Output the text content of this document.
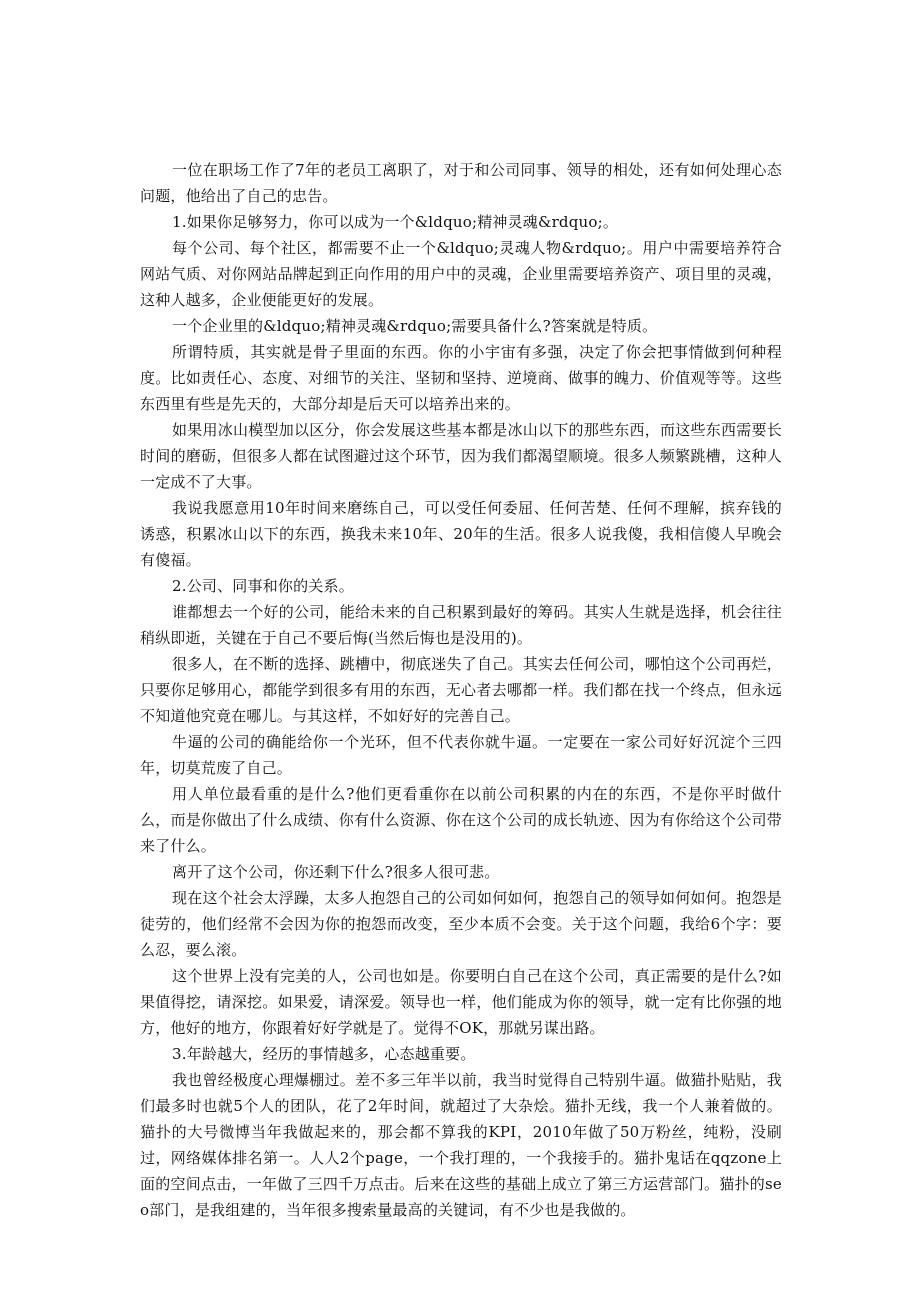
一位在职场工作了7年的老员工离职了，对于和公司同事、领导的相处，还有如何处理心态问题，他给出了自己的忠告。

1.如果你足够努力，你可以成为一个&ldquo;精神灵魂&rdquo;。

每个公司、每个社区，都需要不止一个&ldquo;灵魂人物&rdquo;。用户中需要培养符合网站气质、对你网站品牌起到正向作用的用户中的灵魂，企业里需要培养资产、项目里的灵魂，这种人越多，企业便能更好的发展。

一个企业里的&ldquo;精神灵魂&rdquo;需要具备什么?答案就是特质。

所谓特质，其实就是骨子里面的东西。你的小宇宙有多强，决定了你会把事情做到何种程度。比如责任心、态度、对细节的关注、坚韧和坚持、逆境商、做事的魄力、价值观等等。这些东西里有些是先天的，大部分却是后天可以培养出来的。

如果用冰山模型加以区分，你会发展这些基本都是冰山以下的那些东西，而这些东西需要长时间的磨砺，但很多人都在试图避过这个环节，因为我们都渴望顺境。很多人频繁跳槽，这种人一定成不了大事。

我说我愿意用10年时间来磨练自己，可以受任何委屈、任何苦楚、任何不理解，摈弃钱的诱惑，积累冰山以下的东西，换我未来10年、20年的生活。很多人说我傻，我相信傻人早晚会有傻福。

2.公司、同事和你的关系。

谁都想去一个好的公司，能给未来的自己积累到最好的筹码。其实人生就是选择，机会往往稍纵即逝，关键在于自己不要后悔(当然后悔也是没用的)。

很多人，在不断的选择、跳槽中，彻底迷失了自己。其实去任何公司，哪怕这个公司再烂，只要你足够用心，都能学到很多有用的东西，无心者去哪都一样。我们都在找一个终点，但永远不知道他究竟在哪儿。与其这样，不如好好的完善自己。

牛逼的公司的确能给你一个光环，但不代表你就牛逼。一定要在一家公司好好沉淀个三四年，切莫荒废了自己。

用人单位最看重的是什么?他们更看重你在以前公司积累的内在的东西，不是你平时做什么，而是你做出了什么成绩、你有什么资源、你在这个公司的成长轨迹、因为有你给这个公司带来了什么。

离开了这个公司，你还剩下什么?很多人很可悲。

现在这个社会太浮躁，太多人抱怨自己的公司如何如何，抱怨自己的领导如何如何。抱怨是徒劳的，他们经常不会因为你的抱怨而改变，至少本质不会变。关于这个问题，我给6个字：要么忍，要么滚。

这个世界上没有完美的人，公司也如是。你要明白自己在这个公司，真正需要的是什么?如果值得挖，请深挖。如果爱，请深爱。领导也一样，他们能成为你的领导，就一定有比你强的地方，他好的地方，你跟着好好学就是了。觉得不OK，那就另谋出路。

3.年龄越大，经历的事情越多，心态越重要。

我也曾经极度心理爆棚过。差不多三年半以前，我当时觉得自己特别牛逼。做猫扑贴贴，我们最多时也就5个人的团队，花了2年时间，就超过了大杂烩。猫扑无线，我一个人兼着做的。猫扑的大号微博当年我做起来的，那会都不算我的KPI，2010年做了50万粉丝，纯粉，没刷过，网络媒体排名第一。人人2个page，一个我打理的，一个我接手的。猫扑鬼话在qqzone上面的空间点击，一年做了三四千万点击。后来在这些的基础上成立了第三方运营部门。猫扑的seo部门，是我组建的，当年很多搜索量最高的关键词，有不少也是我做的。
